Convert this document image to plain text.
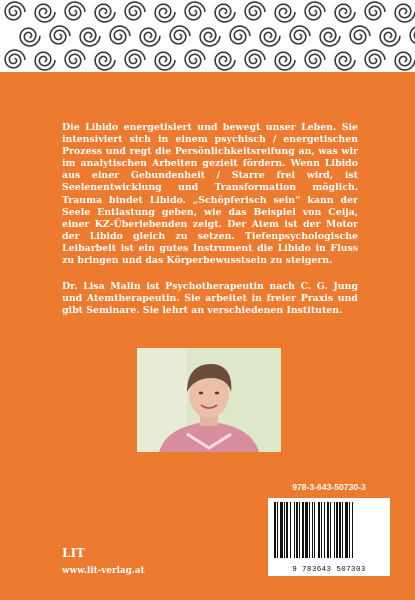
Die Libido energetisiert und bewegt unser Leben. Sie intensiviert sich in einem psychisch / energetischen Prozess und regt die Persönlichkeitsreifung an, was wir im analytischen Arbeiten gezielt fördern. Wenn Libido aus einer Gebundenheit / Starre frei wird, ist Seelenentwicklung und Transformation möglich. Trauma bindet Libido. „Schöpferisch sein“ kann der Seele Entlastung geben, wie das Beispiel von Ceija, einer KZ-Überlebenden zeigt. Der Atem ist der Motor der Libido gleich zu setzen. Tiefenpsychologische Leibarbeit ist ein gutes Instrument die Libido in Fluss zu bringen und das Körperbewusstsein zu steigern.

Dr. Lisa Malin ist Psychotherapeutin nach C. G. Jung und Atemtherapeutin. Sie arbeitet in freier Praxis und gibt Seminare. Sie lehrt an verschiedenen Instituten.

978-3-643-50730-3
9 783643 507303
LIT
www.lit-verlag.at
